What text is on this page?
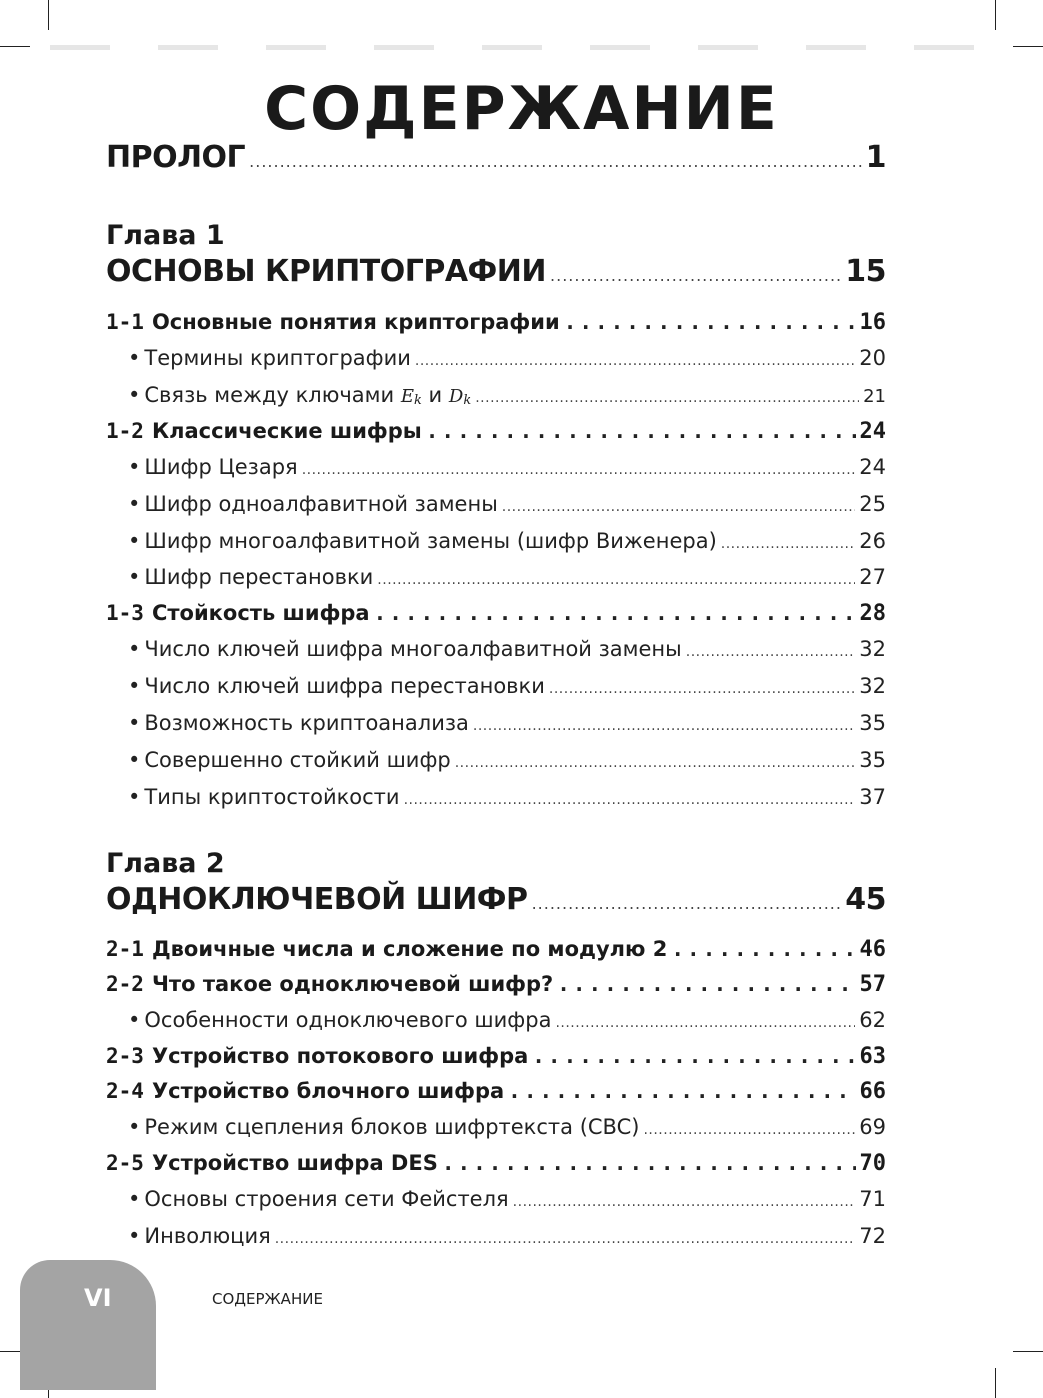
СОДЕРЖАНИЕ
ПРОЛОГ .....	1
Глава 1
ОСНОВЫ КРИПТОГРАФИИ .....	15
1-1 Основные понятия криптографии .....	16
• Термины криптографии .....	20
• Связь между ключами $E_k$ и $D_k$ .....	21
1-2 Классические шифры .....	24
• Шифр Цезаря .....	24
• Шифр одноалфавитной замены .....	25
• Шифр многоалфавитной замены (шифр Виженера) .....	26
• Шифр перестановки .....	27
1-3 Стойкость шифра .....	28
• Число ключей шифра многоалфавитной замены .....	32
• Число ключей шифра перестановки .....	32
• Возможность криптоанализа .....	35
• Совершенно стойкий шифр .....	35
• Типы криптостойкости .....	37
Глава 2
ОДНОКЛЮЧЕВОЙ ШИФР .....	45
2-1 Двоичные числа и сложение по модулю 2 .....	46
2-2 Что такое одноключевой шифр? .....	57
• Особенности одноключевого шифра .....	62
2-3 Устройство потокового шифра .....	63
2-4 Устройство блочного шифра .....	66
• Режим сцепления блоков шифртекста (CBC) .....	69
2-5 Устройство шифра DES .....	70
• Основы строения сети Фейстеля .....	71
• Инволюция .....	72
VI	СОДЕРЖАНИЕ
